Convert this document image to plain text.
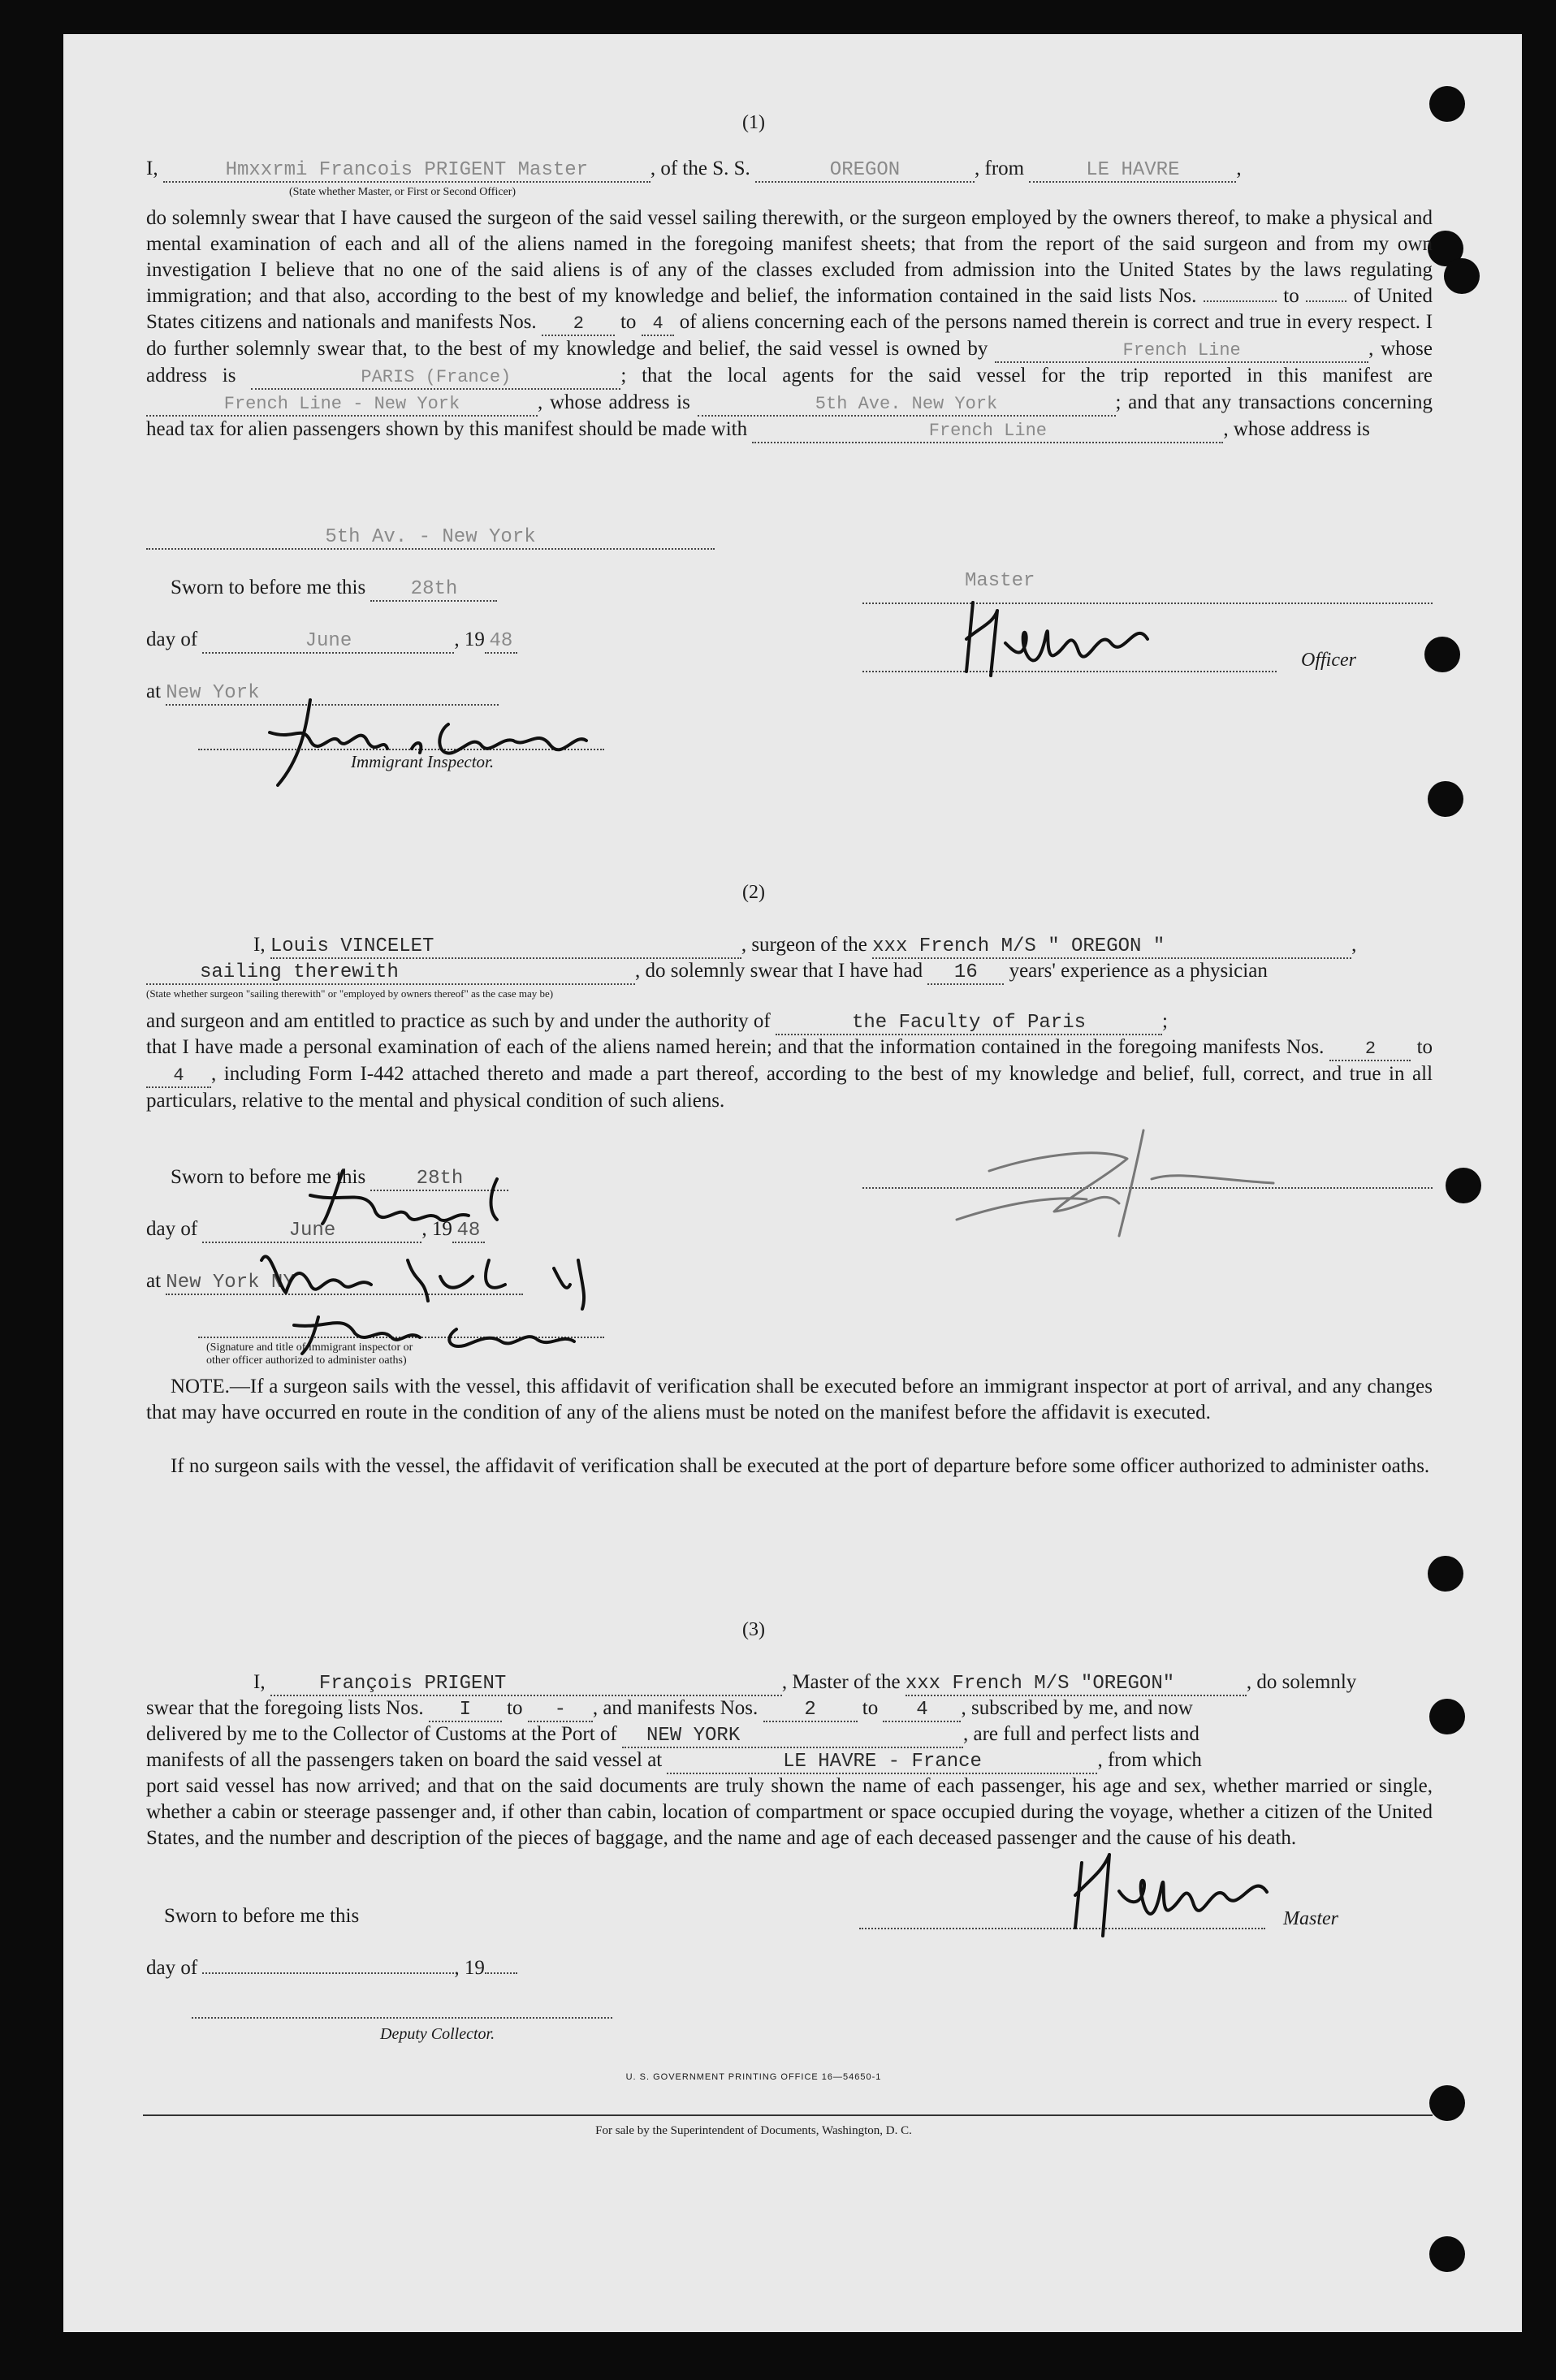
(1)
I,	Hmxxrmi Francois PRIGENT Master	, of the S. S.	OREGON	, from	LE HAVRE	,
(State whether Master, or First or Second Officer)
do solemnly swear that I have caused the surgeon of the said vessel sailing therewith, or the surgeon employed by the owners thereof, to make a physical and mental examination of each and all of the aliens named in the foregoing manifest sheets; that from the report of the said surgeon and from my own investigation I believe that no one of the said aliens is of any of the classes excluded from admission into the United States by the laws regulating immigration; and that also, according to the best of my knowledge and belief, the information contained in the said lists Nos.	to	of United States citizens and nationals and manifests Nos. 2 to 4 of aliens concerning each of the persons named therein is correct and true in every respect. I do further solemnly swear that, to the best of my knowledge and belief, the said vessel is owned by	French Line	, whose address is	PARIS (France)	; that the local agents for the said vessel for the trip reported in this manifest are French Line - New York	, whose address is	5th Ave. New York	; and that any transactions concerning head tax for alien passengers shown by this manifest should be made with	French Line	, whose address is
5th Av. - New York
Sworn to before me this 28th	Master
day of	June	, 19 48
Officer
at New York
Immigrant Inspector.
(2)
I, Louis VINCELET	, surgeon of the xxx French M/S " OREGON "	,
sailing therewith	, do solemnly swear that I have had 16 years' experience as a physician
(State whether surgeon "sailing therewith" or "employed by owners thereof" as the case may be)
and surgeon and am entitled to practice as such by and under the authority of	the Faculty of Paris	;
that I have made a personal examination of each of the aliens named herein; and that the information contained in the foregoing manifests Nos. 2 to 4 , including Form I-442 attached thereto and made a part thereof, according to the best of my knowledge and belief, full, correct, and true in all particulars, relative to the mental and physical condition of such aliens.
Sworn to before me this	28th
day of	June	, 19 48
at New York NY
(Signature and title of immigrant inspector or
other officer authorized to administer oaths)
NOTE.—If a surgeon sails with the vessel, this affidavit of verification shall be executed before an immigrant inspector at port of arrival, and any changes that may have occurred en route in the condition of any of the aliens must be noted on the manifest before the affidavit is executed.
If no surgeon sails with the vessel, the affidavit of verification shall be executed at the port of departure before some officer authorized to administer oaths.
(3)
I,	François PRIGENT	, Master of the xxx French M/S "OREGON"	, do solemnly
swear that the foregoing lists Nos. I to - , and manifests Nos. 2 to 4 , subscribed by me, and now
delivered by me to the Collector of Customs at the Port of NEW YORK	, are full and perfect lists and
manifests of all the passengers taken on board the said vessel at	LE HAVRE - France	, from which
port said vessel has now arrived; and that on the said documents are truly shown the name of each passenger, his age and sex, whether married or single, whether a cabin or steerage passenger and, if other than cabin, location of compartment or space occupied during the voyage, whether a citizen of the United States, and the number and description of the pieces of baggage, and the name and age of each deceased passenger and the cause of his death.
Sworn to before me this	Master
day of	, 19
Deputy Collector.
U. S. GOVERNMENT PRINTING OFFICE 16—54650-1
For sale by the Superintendent of Documents, Washington, D. C.
